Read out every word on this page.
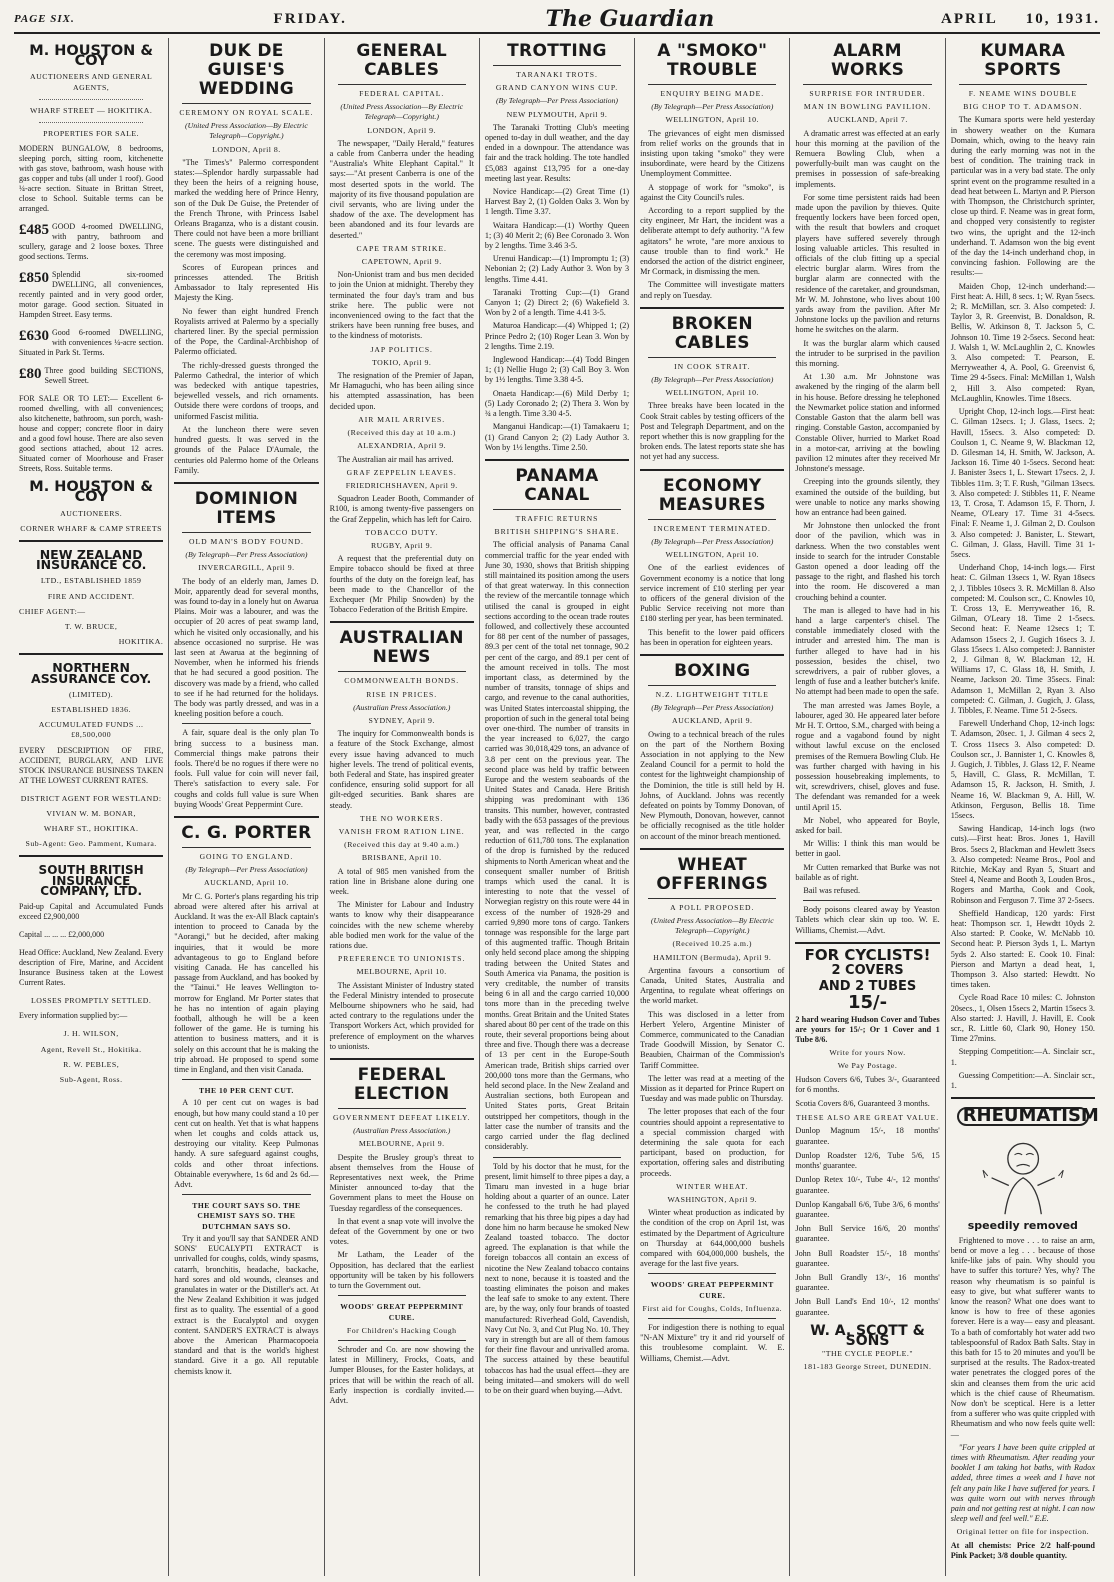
PAGE SIX.	FRIDAY.	The Guardian	APRIL 10, 1931.
M. HOUSTON & COY
AUCTIONEERS AND GENERAL AGENTS,
WHARF STREET — HOKITIKA.
PROPERTIES FOR SALE.
MODERN BUNGALOW, 8 bedrooms, sleeping porch, sitting room, kitchenette with gas stove, bathroom, wash house with gas copper and tubs (all under 1 roof). Good ¼-acre section. Situate in Brittan Street, close to School. Suitable terms can be arranged.
£485 GOOD 4-roomed DWELLING, with pantry, bathroom and scullery, garage and 2 loose boxes. Three good sections. Terms.
£850 Splendid six-roomed DWELLING, all conveniences, recently painted and in very good order, motor garage. Good section. Situated in Hampden Street. Easy terms.
£630 Good 6-roomed DWELLING, with conveniences ¼-acre section. Situated in Park St. Terms.
£80 Three good building SECTIONS, Sewell Street.
FOR SALE OR TO LET:— Excellent 6-roomed dwelling, with all conveniences; also kitchenette, bathroom, sun porch, wash-house and copper; concrete floor in dairy and a good fowl house. There are also seven good sections attached, about 12 acres. Situated corner of Moorhouse and Fraser Streets, Ross. Suitable terms.
M. HOUSTON & COY
AUCTIONEERS.
CORNER WHARF & CAMP STREETS
NEW ZEALAND INSURANCE CO.
LTD., ESTABLISHED 1859
FIRE AND ACCIDENT.
CHIEF AGENT:—
T. W. BRUCE,
HOKITIKA.
NORTHERN ASSURANCE COY.
(LIMITED).
ESTABLISHED 1836.
ACCUMULATED FUNDS ... £8,500,000
EVERY DESCRIPTION OF FIRE, ACCIDENT, BURGLARY, AND LIVE STOCK INSURANCE BUSINESS TAKEN AT THE LOWEST CURRENT RATES.
DISTRICT AGENT FOR WESTLAND:
VIVIAN W. M. BONAR,
WHARF ST., HOKITIKA.
Sub-Agent: Geo. Pamment, Kumara.
SOUTH BRITISH INSURANCE COMPANY, LTD.
Paid-up Capital and Accumulated Funds exceed £2,900,000
Capital ... ... ... £2,000,000
Head Office: Auckland, New Zealand. Every description of Fire, Marine, and Accident Insurance Business taken at the Lowest Current Rates.
LOSSES PROMPTLY SETTLED.
Every information supplied by:—
J. H. WILSON,
Agent, Revell St., Hokitika.
R. W. PEBLES,
Sub-Agent, Ross.
DUK DE GUISE'S WEDDING
CEREMONY ON ROYAL SCALE.
(United Press Association—By Electric Telegraph—Copyright.)
LONDON, April 8.

"The Times's" Palermo correspondent states:—Splendor hardly surpassable had they been the heirs of a reigning house, marked the wedding here of Prince Henry, son of the Duk De Guise, the Pretender of the French Throne, with Princess Isabel Orleans Braganza, who is a distant cousin. There could not have been a more brilliant scene. The guests were distinguished and the ceremony was most imposing.

Scores of European princes and princesses attended. The British Ambassador to Italy represented His Majesty the King.

No fewer than eight hundred French Royalists arrived at Palermo by a specially chartered liner. By the special permission of the Pope, the Cardinal-Archbishop of Palermo officiated.

The richly-dressed guests thronged the Palermo Cathedral, the interior of which was bedecked with antique tapestries, bejewelled vessels, and rich ornaments. Outside there were cordons of troops, and uniformed Fascist militia.

At the luncheon there were seven hundred guests. It was served in the grounds of the Palace D'Aumale, the centuries old Palermo home of the Orleans Family.

DOMINION ITEMS
OLD MAN'S BODY FOUND.
(By Telegraph—Per Press Association)
INVERCARGILL, April 9.

The body of an elderly man, James D. Moir, apparently dead for several months, was found to-day in a lonely hut on Awarua Plains. Moir was a labourer, and was the occupier of 20 acres of peat swamp land, which he visited only occasionally, and his absence occasioned no surprise. He was last seen at Awarua at the beginning of November, when he informed his friends that he had secured a good position. The discovery was made by a friend, who called to see if he had returned for the holidays. The body was partly dressed, and was in a kneeling position before a couch.

A fair, square deal is the only plan To bring success to a business man. Commercial things make patrons their fools. There'd be no rogues if there were no fools. Full value for coin will never fail, There's satisfaction to every sale. For coughs and colds full value is sure When buying Woods' Great Peppermint Cure.

C. G. PORTER
GOING TO ENGLAND.
(By Telegraph—Per Press Association)
AUCKLAND, April 10.

Mr C. G. Porter's plans regarding his trip abroad were altered after his arrival at Auckland. It was the ex-All Black captain's intention to proceed to Canada by the "Aorangi," but he decided, after making inquiries, that it would be more advantageous to go to England before visiting Canada. He has cancelled his passage from Auckland, and has booked by the "Tainui." He leaves Wellington to-morrow for England. Mr Porter states that he has no intention of again playing football, although he will be a keen follower of the game. He is turning his attention to business matters, and it is solely on this account that he is making the trip abroad. He proposed to spend some time in England, and then visit Canada.

THE 10 PER CENT CUT.

A 10 per cent cut on wages is bad enough, but how many could stand a 10 per cent cut on health. Yet that is what happens when let coughs and colds attack us, destroying our vitality. Keep Pulmonas handy. A sure safeguard against coughs, colds and other throat infections. Obtainable everywhere, 1s 6d and 2s 6d.—Advt.

THE COURT SAYS SO. THE CHEMIST SAYS SO. THE DUTCHMAN SAYS SO.

Try it and you'll say that SANDER AND SONS' EUCALYPTI EXTRACT is unrivalled for coughs, colds, windy spasms, catarrh, bronchitis, headache, backache, hard sores and old wounds, cleanses and granulates in water or the Distiller's act. At the New Zealand Exhibition it was judged first as to quality. The essential of a good extract is the Eucalyptol and oxygen content. SANDER'S EXTRACT is always above the American Pharmacopoeia standard and that is the world's highest standard. Give it a go. All reputable chemists know it.

GENERAL CABLES
FEDERAL CAPITAL.
(United Press Association—By Electric Telegraph—Copyright.)
LONDON, April 9.

The newspaper, "Daily Herald," features a cable from Canberra under the heading "Australia's White Elephant Capital." It says:—"At present Canberra is one of the most deserted spots in the world. The majority of its five thousand population are civil servants, who are living under the shadow of the axe. The development has been abandoned and its four levards are deserted."

CAPE TRAM STRIKE.
CAPETOWN, April 9.

Non-Unionist tram and bus men decided to join the Union at midnight. Thereby they terminated the four day's tram and bus strike here. The public were not inconvenienced owing to the fact that the strikers have been running free buses, and to the kindness of motorists.

JAP POLITICS.
TOKIO, April 9.

The resignation of the Premier of Japan, Mr Hamaguchi, who has been ailing since his attempted assassination, has been decided upon.

AIR MAIL ARRIVES.
(Received this day at 10 a.m.)
ALEXANDRIA, April 9.

The Australian air mail has arrived.

GRAF ZEPPELIN LEAVES.
FRIEDRICHSHAVEN, April 9.

Squadron Leader Booth, Commander of R100, is among twenty-five passengers on the Graf Zeppelin, which has left for Cairo.

TOBACCO DUTY.
RUGBY, April 9.

A request that the preferential duty on Empire tobacco should be fixed at three fourths of the duty on the foreign leaf, has been made to the Chancellor of the Exchequer (Mr Philip Snowden) by the Tobacco Federation of the British Empire.

AUSTRALIAN NEWS
COMMONWEALTH BONDS.
RISE IN PRICES.
(Australian Press Association.)
SYDNEY, April 9.

The inquiry for Commonwealth bonds is a feature of the Stock Exchange, almost every issue having advanced to much higher levels. The trend of political events, both Federal and State, has inspired greater confidence, ensuring solid support for all gilt-edged securities. Bank shares are steady.

THE NO WORKERS.
VANISH FROM RATION LINE.
(Received this day at 9.40 a.m.)
BRISBANE, April 10.

A total of 985 men vanished from the ration line in Brisbane alone during one week.

The Minister for Labour and Industry wants to know why their disappearance coincides with the new scheme whereby able bodied men work for the value of the rations due.

PREFERENCE TO UNIONISTS.
MELBOURNE, April 10.

The Assistant Minister of Industry stated the Federal Ministry intended to prosecute Melbourne shipowners who he said, had acted contrary to the regulations under the Transport Workers Act, which provided for preference of employment on the wharves to unionists.

FEDERAL ELECTION
GOVERNMENT DEFEAT LIKELY.
(Australian Press Association.)
MELBOURNE, April 9.

Despite the Brusley group's threat to absent themselves from the House of Representatives next week, the Prime Minister announced to-day that the Government plans to meet the House on Tuesday regardless of the consequences.

In that event a snap vote will involve the defeat of the Government by one or two votes.

Mr Latham, the Leader of the Opposition, has declared that the earliest opportunity will be taken by his followers to turn the Government out.

WOODS' GREAT PEPPERMINT CURE.
For Children's Hacking Cough

Schroder and Co. are now showing the latest in Millinery, Frocks, Coats, and Jumper Blouses, for the Easter holidays, at prices that will be within the reach of all. Early inspection is cordially invited.—Advt.

TROTTING
TARANAKI TROTS.
GRAND CANYON WINS CUP.
(By Telegraph—Per Press Association)
NEW PLYMOUTH, April 9.

The Taranaki Trotting Club's meeting opened to-day in dull weather, and the day ended in a downpour. The attendance was fair and the track holding. The tote handled £5,083 against £13,795 for a one-day meeting last year. Results:

Novice Handicap:—(2) Great Time (1) Harvest Bay 2, (1) Golden Oaks 3. Won by 1 length. Time 3.37.

Waitara Handicap:—(1) Worthy Queen 1; (3) 40 Merit 2; (6) Bee Coronado 3. Won by 2 lengths. Time 3.46 3-5.

Urenui Handicap:—(1) Impromptu 1; (3) Nebonian 2; (2) Lady Author 3. Won by 3 lengths. Time 4.41.

Taranaki Trotting Cup:—(1) Grand Canyon 1; (2) Direct 2; (6) Wakefield 3. Won by 2 of a length. Time 4.41 3-5.

Maturoa Handicap:—(4) Whipped 1; (2) Prince Pedro 2; (10) Roger Lean 3. Won by 2 lengths. Time 2.19.

Inglewood Handicap:—(4) Todd Bingen 1; (1) Nellie Hugo 2; (3) Call Boy 3. Won by 1½ lengths. Time 3.38 4-5.

Onaeta Handicap:—(6) Mild Derby 1; (5) Lady Coronado 2; (2) Thera 3. Won by ¾ a length. Time 3.30 4-5.

Manganui Handicap:—(1) Tamakaeru 1; (1) Grand Canyon 2; (2) Lady Author 3. Won by 1½ lengths. Time 2.50.

PANAMA CANAL
TRAFFIC RETURNS
BRITISH SHIPPING'S SHARE.

The official analysis of Panama Canal commercial traffic for the year ended with June 30, 1930, shows that British shipping still maintained its position among the users of that great waterway. In this connection the review of the mercantile tonnage which utilised the canal is grouped in eight sections according to the ocean trade routes followed, and collectively these accounted for 88 per cent of the number of passages, 89.3 per cent of the total net tonnage, 90.2 per cent of the cargo, and 89.1 per cent of the amount received in tolls. The most important class, as determined by the number of transits, tonnage of ships and cargo, and revenue to the canal authorities, was United States intercoastal shipping, the proportion of such in the general total being over one-third. The number of transits in the year increased to 6,027, the cargo carried was 30,018,429 tons, an advance of 3.8 per cent on the previous year. The second place was held by traffic between Europe and the western seaboards of the United States and Canada. Here British shipping was predominant with 136 transits. This number, however, contrasted badly with the 653 passages of the previous year, and was reflected in the cargo reduction of 611,780 tons. The explanation of the drop is furnished by the reduced shipments to North American wheat and the consequent smaller number of British tramps which used the canal. It is interesting to note that the vessel of Norwegian registry on this route were 44 in excess of the number of 1928-29 and carried 9,890 more tons of cargo. Tankers tonnage was responsible for the large part of this augmented traffic. Though Britain only held second place among the shipping trading between the United States and South America via Panama, the position is very creditable, the number of transits being 6 in all and the cargo carried 10,000 tons more than in the preceding twelve months. Great Britain and the United States shared about 80 per cent of the trade on this route, their several proportions being about three and five. Though there was a decrease of 13 per cent in the Europe-South American trade, British ships carried over 200,000 tons more than the Germans, who held second place. In the New Zealand and Australian sections, both European and United States ports, Great Britain outstripped her competitors, though in the latter case the number of transits and the cargo carried under the flag declined considerably.

Told by his doctor that he must, for the present, limit himself to three pipes a day, a Timaru man invested in a huge briar holding about a quarter of an ounce. Later he confessed to the truth he had played remarking that his three big pipes a day had done him no harm because he smoked New Zealand toasted tobacco. The doctor agreed. The explanation is that while the foreign tobaccos all contain an excess of nicotine the New Zealand tobacco contains next to none, because it is toasted and the toasting eliminates the poison and makes the leaf safe to smoke to any extent. There are, by the way, only four brands of toasted manufactured: Riverhead Gold, Cavendish, Navy Cut No. 3, and Cut Plug No. 10. They vary in strength but are all of them famous for their fine flavour and unrivalled aroma. The success attained by these beautiful tobaccos has had the usual effect—they are being imitated—and smokers will do well to be on their guard when buying.—Advt.

A "SMOKO" TROUBLE
ENQUIRY BEING MADE.
(By Telegraph—Per Press Association)
WELLINGTON, April 10.

The grievances of eight men dismissed from relief works on the grounds that in insisting upon taking "smoko" they were insubordinate, were heard by the Citizens Unemployment Committee.

A stoppage of work for "smoko", is against the City Council's rules.

According to a report supplied by the city engineer, Mr Hart, the incident was a deliberate attempt to defy authority. "A few agitators" he wrote, "are more anxious to cause trouble than to find work." He endorsed the action of the district engineer, Mr Cormack, in dismissing the men.

The Committee will investigate matters and reply on Tuesday.

BROKEN CABLES
IN COOK STRAIT.
(By Telegraph—Per Press Association)
WELLINGTON, April 10.

Three breaks have been located in the Cook Strait cables by testing officers of the Post and Telegraph Department, and on the report whether this is now grappling for the broken ends. The latest reports state she has not yet had any success.

ECONOMY MEASURES
INCREMENT TERMINATED.
(By Telegraph—Per Press Association)
WELLINGTON, April 10.

One of the earliest evidences of Government economy is a notice that long service increment of £10 sterling per year to officers of the general division of the Public Service receiving not more than £180 sterling per year, has been terminated.

This benefit to the lower paid officers has been in operation for eighteen years.

BOXING
N.Z. LIGHTWEIGHT TITLE
(By Telegraph—Per Press Association)
AUCKLAND, April 9.

Owing to a technical breach of the rules on the part of the Northern Boxing Association in not applying to the New Zealand Council for a permit to hold the contest for the lightweight championship of the Dominion, the title is still held by H. Johns, of Auckland. Johns was recently defeated on points by Tommy Donovan, of New Plymouth, Donovan, however, cannot be officially recognised as the title holder on account of the minor breach mentioned.

WHEAT OFFERINGS
A POLL PROPOSED.
(United Press Association—By Electric Telegraph—Copyright.)
(Received 10.25 a.m.)
HAMILTON (Bermuda), April 9.

Argentina favours a consortium of Canada, United States, Australia and Argentina, to regulate wheat offerings on the world market.

This was disclosed in a letter from Herbert Yelero, Argentine Minister of Commerce, communicated to the Canadian Trade Goodwill Mission, by Senator C. Beaubien, Chairman of the Commission's Tariff Committee.

The letter was read at a meeting of the Mission as it departed for Prince Rupert on Tuesday and was made public on Thursday.

The letter proposes that each of the four countries should appoint a representative to a special commission charged with determining the sale quota for each participant, based on production, for exportation, offering sales and distributing proceeds.

WINTER WHEAT.
WASHINGTON, April 9.

Winter wheat production as indicated by the condition of the crop on April 1st, was estimated by the Department of Agriculture on Thursday at 644,000,000 bushels compared with 604,000,000 bushels, the average for the last five years.

WOODS' GREAT PEPPERMINT CURE.
First aid for Coughs, Colds, Influenza.

For indigestion there is nothing to equal "N-AN Mixture" try it and rid yourself of this troublesome complaint. W. E. Williams, Chemist.—Advt.

ALARM WORKS
SURPRISE FOR INTRUDER.
MAN IN BOWLING PAVILION.
AUCKLAND, April 7.

A dramatic arrest was effected at an early hour this morning at the pavilion of the Remuera Bowling Club, when a powerfully-built man was caught on the premises in possession of safe-breaking implements.

For some time persistent raids had been made upon the pavilion by thieves. Quite frequently lockers have been forced open, with the result that bowlers and croquet players have suffered severely through losing valuable articles. This resulted in officials of the club fitting up a special electric burglar alarm. Wires from the burglar alarm are connected with the residence of the caretaker, and groundsman, Mr W. M. Johnstone, who lives about 100 yards away from the pavilion. After Mr Johnstone locks up the pavilion and returns home he switches on the alarm.

It was the burglar alarm which caused the intruder to be surprised in the pavilion this morning.

At 1.30 a.m. Mr Johnstone was awakened by the ringing of the alarm bell in his house. Before dressing he telephoned the Newmarket police station and informed Constable Gaston that the alarm bell was ringing. Constable Gaston, accompanied by Constable Oliver, hurried to Market Road in a motor-car, arriving at the bowling pavilion 12 minutes after they received Mr Johnstone's message.

Creeping into the grounds silently, they examined the outside of the building, but were unable to notice any marks showing how an entrance had been gained.

Mr Johnstone then unlocked the front door of the pavilion, which was in darkness. When the two constables went inside to search for the intruder Constable Gaston opened a door leading off the passage to the right, and flashed his torch into the room. He discovered a man crouching behind a counter.

The man is alleged to have had in his hand a large carpenter's chisel. The constable immediately closed with the intruder and arrested him. The man is further alleged to have had in his possession, besides the chisel, two screwdrivers, a pair of rubber gloves, a length of fuse and a leather butcher's knife. No attempt had been made to open the safe.

The man arrested was James Boyle, a labourer, aged 30. He appeared later before Mr H. T. Orttoo, S.M., charged with being a rogue and a vagabond found by night without lawful excuse on the enclosed premises of the Remuera Bowling Club. He was further charged with having in his possession housebreaking implements, to wit, screwdrivers, chisel, gloves and fuse. The defendant was remanded for a week until April 15.

Mr Nobel, who appeared for Boyle, asked for bail.

Mr Willis: I think this man would be better in gaol.

Mr Cutten remarked that Burke was not bailable as of right.

Bail was refused.

Body poisons cleared away by Yeaston Tablets which clear skin up too. W. E. Williams, Chemist.—Advt.

FOR CYCLISTS!
2 COVERS
AND 2 TUBES
15/-

2 hard wearing Hudson Cover and Tubes are yours for 15/-; Or 1 Cover and 1 Tube 8/6.

Write for yours Now.
We Pay Postage.

Hudson Covers 6/6, Tubes 3/-, Guaranteed for 6 months.

Scotia Covers 8/6, Guaranteed 3 months.

THESE ALSO ARE GREAT VALUE.

Dunlop Magnum 15/-, 18 months' guarantee.

Dunlop Roadster 12/6, Tube 5/6, 15 months' guarantee.

Dunlop Retex 10/-, Tube 4/-, 12 months' guarantee.

Dunlop Kangaball 6/6, Tube 3/6, 6 months' guarantee.

John Bull Service 16/6, 20 months' guarantee.

John Bull Roadster 15/-, 18 months' guarantee.

John Bull Grandly 13/-, 16 months' guarantee.

John Bull Land's End 10/-, 12 months' guarantee.

W. A. SCOTT & SONS
"THE CYCLE PEOPLE."
181-183 George Street, DUNEDIN.
KUMARA SPORTS
F. NEAME WINS DOUBLE
BIG CHOP TO T. ADAMSON.

The Kumara sports were held yesterday in showery weather on the Kumara Domain, which, owing to the heavy rain during the early morning was not in the best of condition. The training track in particular was in a very bad state. The only sprint event on the programme resulted in a dead heat between L. Martyn and P. Pierson with Thompson, the Christchurch sprinter, close up third. F. Neame was in great form, and chopped very consistently to register two wins, the upright and the 12-inch underhand. T. Adamson won the big event of the day the 14-inch underhand chop, in convincing fashion. Following are the results:—

Maiden Chop, 12-inch underhand:— First heat: A. Hill, 8 secs. 1; W. Ryan 5secs. 2; R. McMillan, scr. 3. Also competed: J. Taylor 3, R. Greenvist, B. Donaldson, R. Bellis, W. Atkinson 8, T. Jackson 5, C. Johnson 10. Time 19 2-5secs. Second heat: J. Walsh 1, W. McLaughlin 2, C. Knowles 3. Also competed: T. Pearson, E. Merryweather 4, A. Pool, G. Greenvist 6, Time 29 4-5secs. Final: McMillan 1, Walsh 2, Hill 3. Also competed: Ryan, McLaughlin, Knowles. Time 18secs.

Upright Chop, 12-inch logs.—First heat: C. Gilman 12secs. 1; J. Glass, 1secs. 2; Havill, 15secs. 3. Also competed: D. Coulson 1, C. Neame 9, W. Blackman 12, D. Gilesman 14, H. Smith, W. Jackson, A. Jackson 16. Time 40 1-5secs. Second heat: J. Banister 3secs 1, L. Stewart 17secs. 2, J. Tibbles 11m. 3; T. F. Rush, "Gilman 13secs. 3. Also competed: J. Stibbles 11, F. Neame 13, T. Crosa, T. Adamson 15, F. Thorn, J. Neame, O'Leary 17. Time 31 4-5secs. Final: F. Neame 1, J. Gilman 2, D. Coulson 3. Also competed: J. Banister, L. Stewart, C. Gilman, J. Glass, Havill. Time 31 1-5secs.

Underhand Chop, 14-inch logs.— First heat: C. Gilman 13secs 1, W. Ryan 18secs 2, J. Tibbles 10secs 3. R. McMillan 8. Also competed: M. Coulson scr., C. Knowles 10, T. Cross 13, E. Merryweather 16, R. Gilman, O'Leary 18. Time 2 1-5secs. Second heat: F. Neame 12secs 1; T. Adamson 15secs 2, J. Gugich 16secs 3. J. Glass 15secs 1. Also competed: J. Bannister 2, J. Gilman 8, W. Blackman 12, H. Williams 17, C. Glass 18, H. Smith, J. Neame, Jackson 20. Time 35secs. Final: Adamson 1, McMillan 2, Ryan 3. Also competed: C. Gilman, J. Gugich, J. Glass, J. Tibbles, F. Neame. Time 51 2-5secs.

Farewell Underhand Chop, 12-inch logs: T. Adamson, 20sec. 1, J. Gilman 4 secs 2, T. Cross 11secs 3. Also competed: D. Coulson scr., J. Bannister 1, C. Knowles 8, J. Gugich, J. Tibbles, J. Glass 12, F. Neame 5, Havill, C. Glass, R. McMillan, T. Adamson 15, R. Jackson, H. Smith, J. Neame 16, W. Blackman 9, A. Hill, W. Atkinson, Ferguson, Bellis 18. Time 15secs.

Sawing Handicap, 14-inch logs (two cuts).—First heat: Bros. Jones 1, Havill Bros. 5secs 2, Blackman and Hewlett 3secs 3. Also competed: Neame Bros., Pool and Ritchie, McKay and Ryan 5, Stuart and Steel 4, Neame and Booth 3, Louden Bros., Rogers and Martha, Cook and Cook, Robinson and Ferguson 7. Time 37 2-5secs.

Sheffield Handicap, 120 yards: First heat: Thompson scr. 1, Hewdtt 10yds 2. Also started: P. Cooke, W. McNabb 10. Second heat: P. Pierson 3yds 1, L. Martyn 5yds 2. Also started: E. Cook 10. Final: Pierson and Martyn a dead heat, 1, Thompson 3. Also started: Hewdtt. No times taken.

Cycle Road Race 10 miles: C. Johnston 20secs., 1, Olsen 15secs 2, Martin 15secs 3. Also started: J. Havill, J. Havill, E. Cook scr., R. Little 60, Clark 90, Honey 150. Time 27mins.

Stepping Competition:—A. Sinclair scr., 1.

Guessing Competition:—A. Sinclair scr., 1.

RHEUMATISM
speedily removed

Frightened to move . . . to raise an arm, bend or move a leg . . . because of those knife-like jabs of pain. Why should you have to suffer this torture? Yes, why? The reason why rheumatism is so painful is easy to give, but what sufferer wants to know the reason? What one does want to know is how to free of these agonies forever. Here is a way— easy and pleasant. To a bath of comfortably hot water add two tablespoonsful of Radox Bath Salts. Stay in this bath for 15 to 20 minutes and you'll be surprised at the results. The Radox-treated water penetrates the clogged pores of the skin and cleanses them from the uric acid which is the chief cause of Rheumatism. Now don't be sceptical. Here is a letter from a sufferer who was quite crippled with Rheumatism and who now feels quite well:—

"For years I have been quite crippled at times with Rheumatism. After reading your booklet I am taking hot baths, with Radox added, three times a week and I have not felt any pain like I have suffered for years. I was quite worn out with nerves through pain and not getting rest at night. I can now sleep well and feel well." E.E.

Original letter on file for inspection.

At all chemists: Price 2/2 half-pound Pink Packet; 3/8 double quantity.
